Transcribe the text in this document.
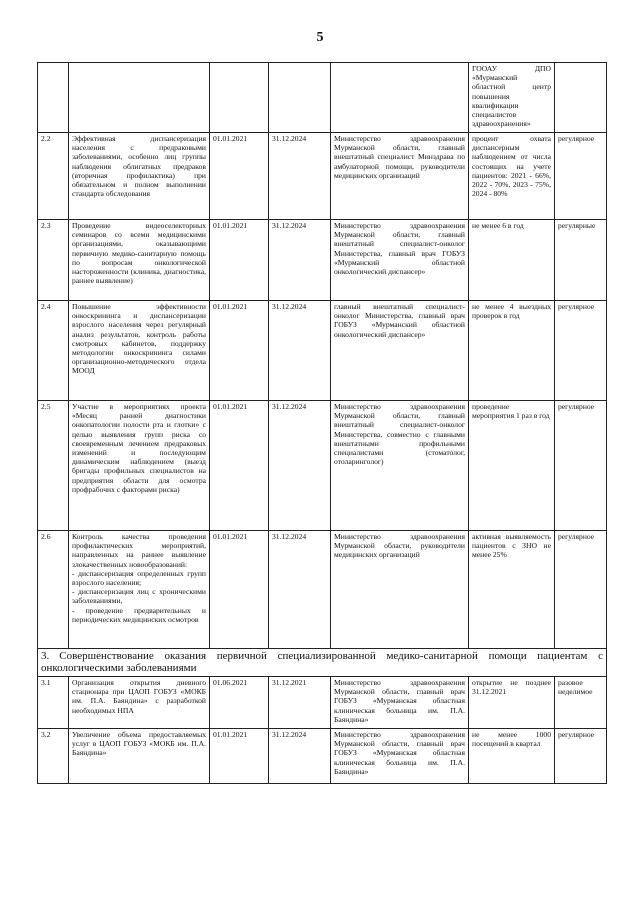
5
					ГООАУ ДПО «Мурманский областной центр повышения квалификации специалистов здравоохранения»	
2.2	Эффективная диспансеризация населения с предраковыми заболеваниями, особенно лиц группы наблюдения облигатных предраков (вторичная профилактика) при обязательном и полном выполнении стандарта обследования	01.01.2021	31.12.2024	Министерство здравоохранения Мурманской области, главный внештатный специалист Минздрава по амбулаторной помощи, руководители медицинских организаций	процент охвата диспансерным наблюдением от числа состоящих на учете пациентов: 2021 - 66%, 2022 - 70%, 2023 - 75%, 2024 - 80%	регулярное
2.3	Проведение видеоселекторных семинаров со всеми медицинскими организациями, оказывающими первичную медико-санитарную помощь по вопросам онкологической настороженности (клиника, диагностика, раннее выявление)	01.01.2021	31.12.2024	Министерство здравоохранения Мурманской области, главный внештатный специалист-онколог Министерства, главный врач ГОБУЗ «Мурманский областной онкологический диспансер»	не менее 6 в год	регулярные
2.4	Повышение эффективности онкоскрининга и диспансеризации взрослого населения через регулярный анализ результатов, контроль работы смотровых кабинетов, поддержку методологии онкоскрининга силами организационно-методического отдела МООД	01.01.2021	31.12.2024	главный внештатный специалист-онколог Министерства, главный врач ГОБУЗ «Мурманский областной онкологический диспансер»	не менее 4 выездных проверок в год	регулярное
2.5	Участие в мероприятиях проекта «Месяц ранней диагностики онкопатологии полости рта и глотки» с целью выявления групп риска со своевременным лечением предраковых изменений и последующим динамическим наблюдением (выезд бригады профильных специалистов на предприятия области для осмотра профрабочих с факторами риска)	01.01.2021	31.12.2024	Министерство здравоохранения Мурманской области, главный внештатный специалист-онколог Министерства, совместно с главными внештатными профильными специалистами (стоматолог, отоларинголог)	проведение мероприятия 1 раз в год	регулярное
2.6	Контроль качества проведения профилактических мероприятий, направленных на раннее выявление злокачественных новообразований:
- диспансеризация определенных групп взрослого населения;
- диспансеризация лиц с хроническими заболеваниями,
- проведение предварительных и периодических медицинских осмотров	01.01.2021	31.12.2024	Министерство здравоохранения Мурманской области, руководители медицинских организаций	активная выявляемость пациентов с ЗНО не менее 25%	регулярное
3. Совершенствование оказания первичной специализированной медико-санитарной помощи пациентам с онкологическими заболеваниями						
3.1	Организация открытия дневного стационара при ЦАОП ГОБУЗ «МОКБ им. П.А. Баяндина» с разработкой необходимых НПА	01.06.2021	31.12.2021	Министерство здравоохранения Мурманской области, главный врач ГОБУЗ «Мурманская областная клиническая больница им. П.А. Баяндина»	открытие не позднее 31.12.2021	разовое неделимое
3.2	Увеличение объема предоставляемых услуг в ЦАОП ГОБУЗ «МОКБ им. П.А. Баяндина»	01.01.2021	31.12.2024	Министерство здравоохранения Мурманской области, главный врач ГОБУЗ «Мурманская областная клиническая больница им. П.А. Баяндина»	не менее 1000 посещений в квартал	регулярное
